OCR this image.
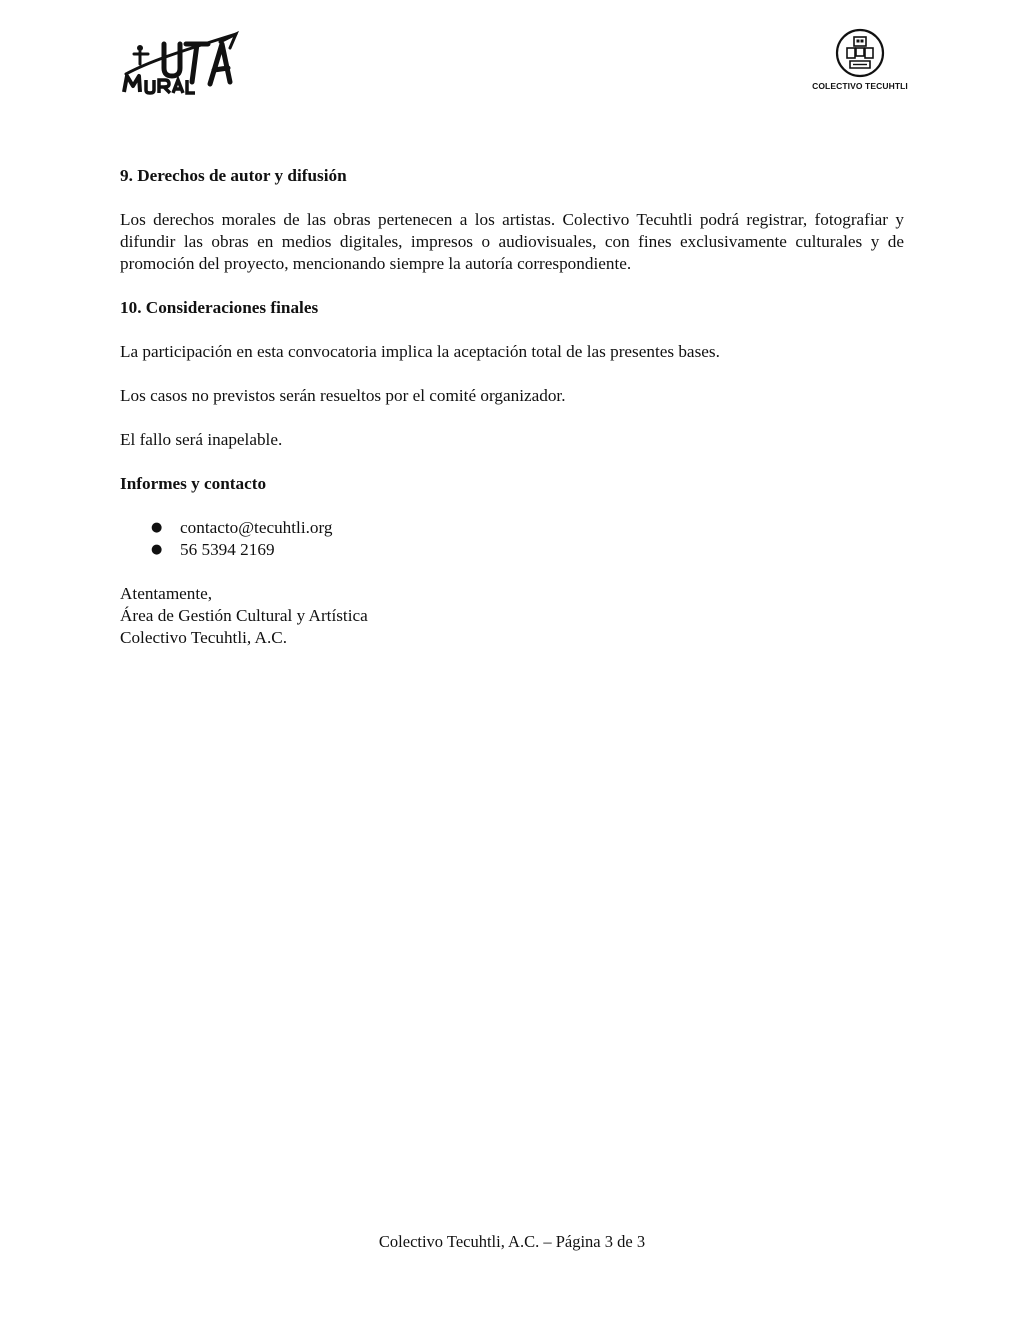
COLECTIVO TECUHTLI

9. Derechos de autor y difusión

Los derechos morales de las obras pertenecen a los artistas. Colectivo Tecuhtli podrá registrar, fotografiar y difundir las obras en medios digitales, impresos o audiovisuales, con fines exclusivamente culturales y de promoción del proyecto, mencionando siempre la autoría correspondiente.

10. Consideraciones finales

La participación en esta convocatoria implica la aceptación total de las presentes bases.

Los casos no previstos serán resueltos por el comité organizador.

El fallo será inapelable.

Informes y contacto

● contacto@tecuhtli.org
● 56 5394 2169

Atentamente,

Área de Gestión Cultural y Artística

Colectivo Tecuhtli, A.C.

Colectivo Tecuhtli, A.C. – Página 3 de 3
